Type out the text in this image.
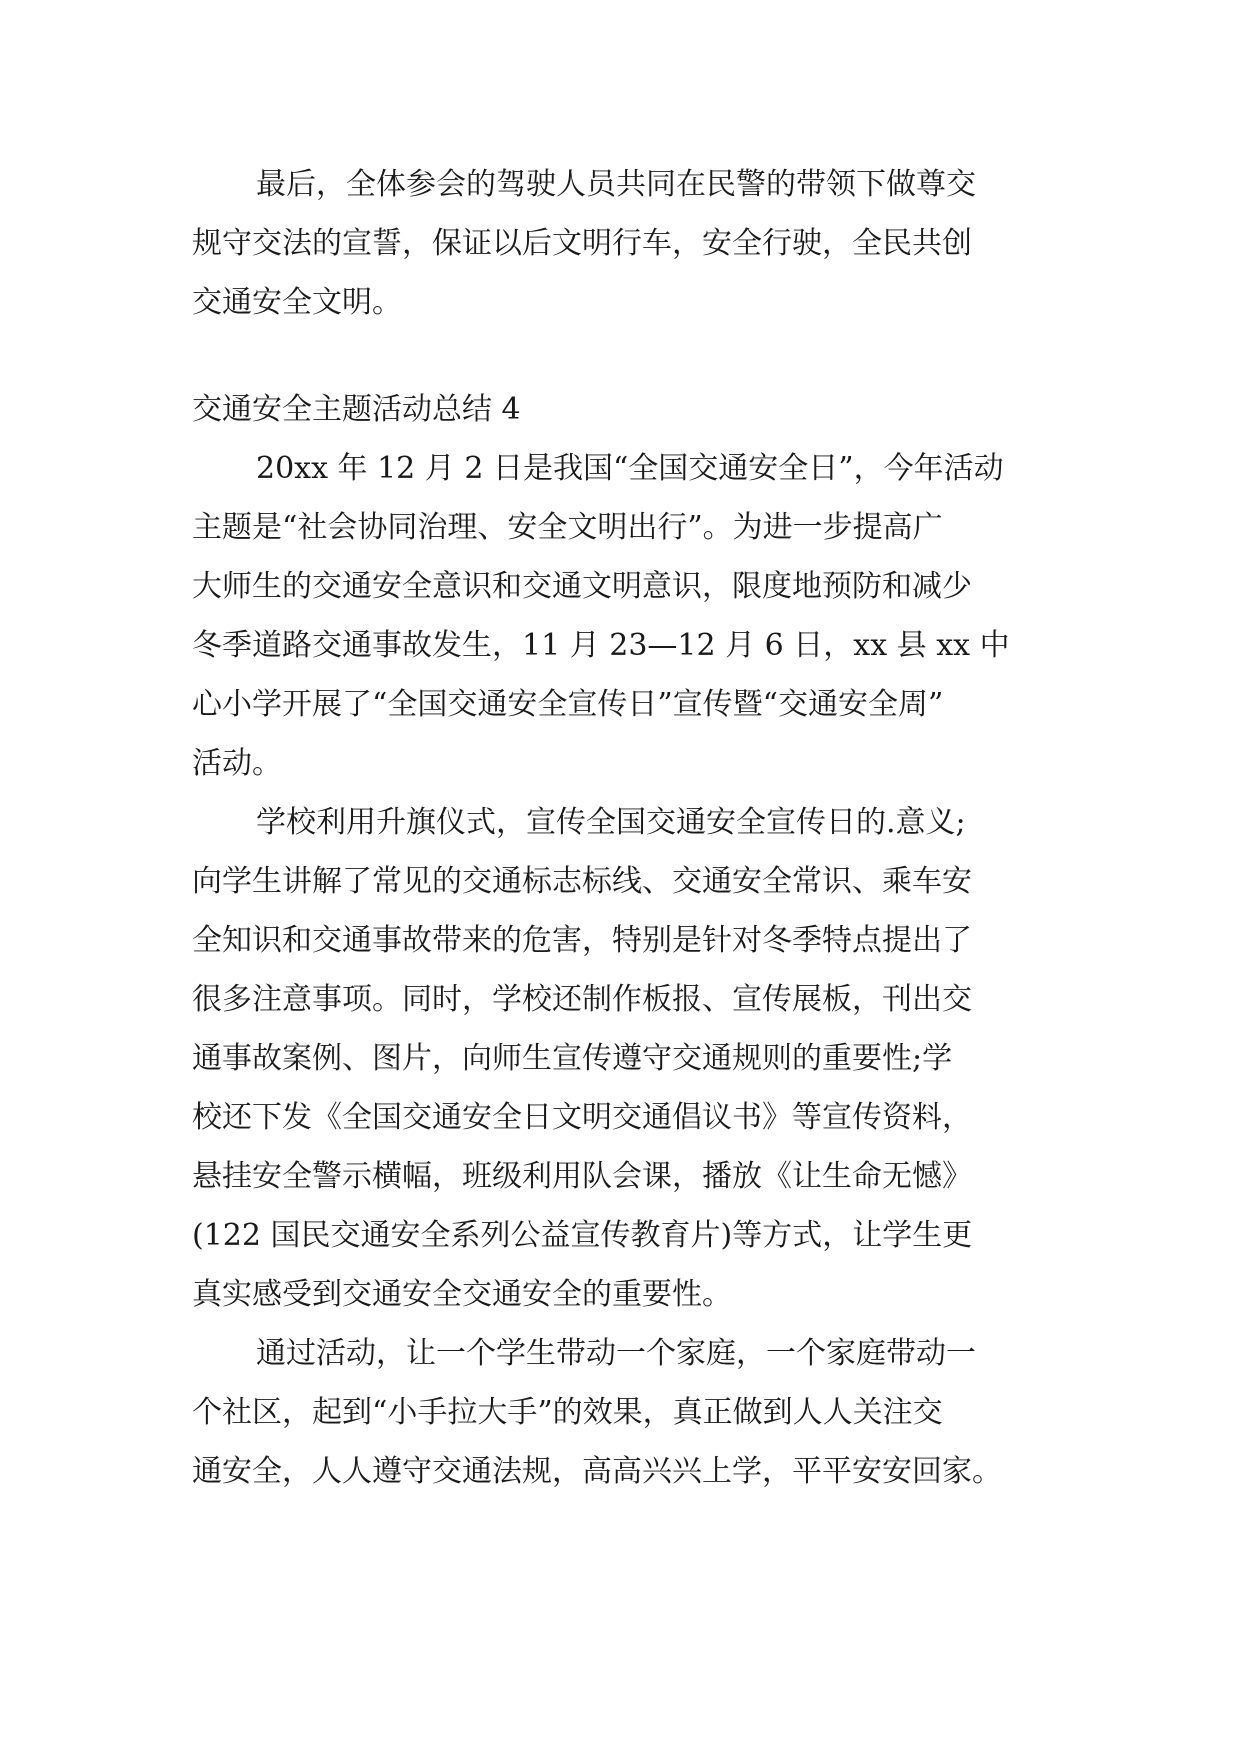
最后，全体参会的驾驶人员共同在民警的带领下做尊交
规守交法的宣誓，保证以后文明行车，安全行驶，全民共创
交通安全文明。
交通安全主题活动总结 4
20xx 年 12 月 2 日是我国“全国交通安全日”，今年活动
主题是“社会协同治理、安全文明出行”。为进一步提高广
大师生的交通安全意识和交通文明意识，限度地预防和减少
冬季道路交通事故发生，11 月 23—12 月 6 日，xx 县 xx 中
心小学开展了“全国交通安全宣传日”宣传暨“交通安全周”
活动。
学校利用升旗仪式，宣传全国交通安全宣传日的.意义;
向学生讲解了常见的交通标志标线、交通安全常识、乘车安
全知识和交通事故带来的危害，特别是针对冬季特点提出了
很多注意事项。同时，学校还制作板报、宣传展板，刊出交
通事故案例、图片，向师生宣传遵守交通规则的重要性;学
校还下发《全国交通安全日文明交通倡议书》等宣传资料，
悬挂安全警示横幅，班级利用队会课，播放《让生命无憾》
(122 国民交通安全系列公益宣传教育片)等方式，让学生更
真实感受到交通安全交通安全的重要性。
通过活动，让一个学生带动一个家庭，一个家庭带动一
个社区，起到“小手拉大手”的效果，真正做到人人关注交
通安全，人人遵守交通法规，高高兴兴上学，平平安安回家。
